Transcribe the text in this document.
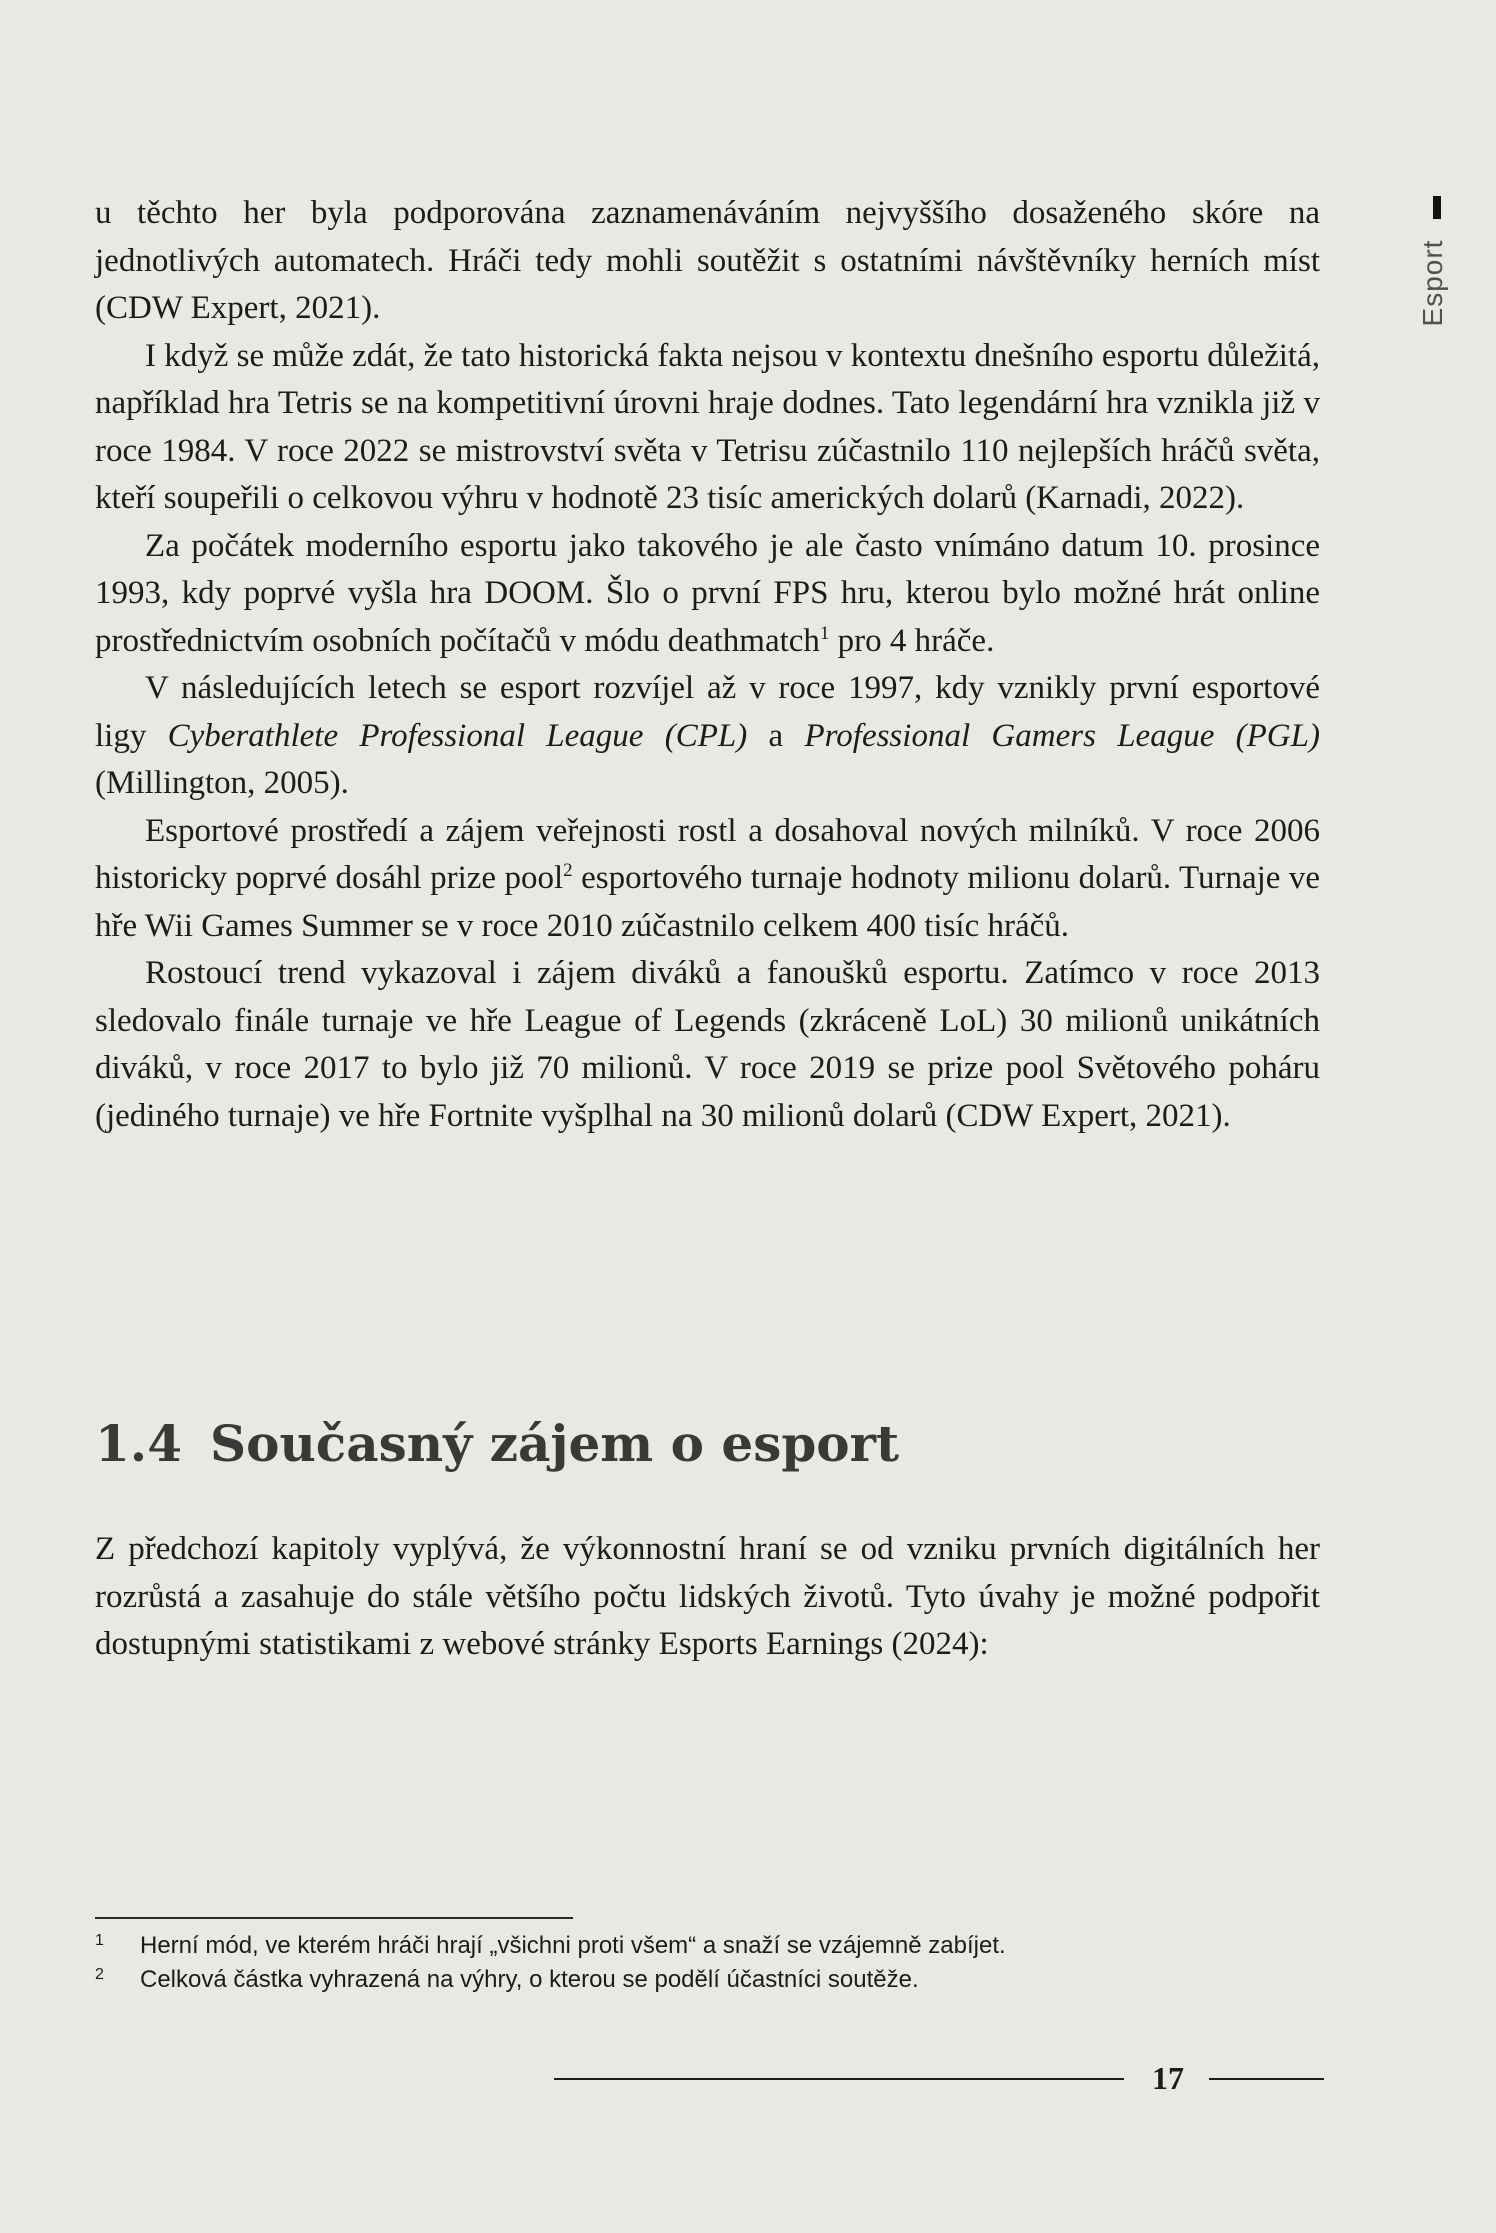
Esport

u těchto her byla podporována zaznamenáváním nejvyššího dosaženého skóre na jednotlivých automatech. Hráči tedy mohli soutěžit s ostatními návštěvníky herních míst (CDW Expert, 2021).

I když se může zdát, že tato historická fakta nejsou v kontextu dnešního esportu důležitá, například hra Tetris se na kompetitivní úrovni hraje dodnes. Tato legendární hra vznikla již v roce 1984. V roce 2022 se mistrovství světa v Tetrisu zúčastnilo 110 nejlepších hráčů světa, kteří soupeřili o celkovou výhru v hodnotě 23 tisíc amerických dolarů (Karnadi, 2022).

Za počátek moderního esportu jako takového je ale často vnímáno datum 10. prosince 1993, kdy poprvé vyšla hra DOOM. Šlo o první FPS hru, kterou bylo možné hrát online prostřednictvím osobních počítačů v módu deathmatch$^1$ pro 4 hráče.

V následujících letech se esport rozvíjel až v roce 1997, kdy vznikly první esportové ligy Cyberathlete Professional League (CPL) a Professional Gamers League (PGL) (Millington, 2005).

Esportové prostředí a zájem veřejnosti rostl a dosahoval nových milníků. V roce 2006 historicky poprvé dosáhl prize pool$^2$ esportového turnaje hodnoty milionu dolarů. Turnaje ve hře Wii Games Summer se v roce 2010 zúčastnilo celkem 400 tisíc hráčů.

Rostoucí trend vykazoval i zájem diváků a fanoušků esportu. Zatímco v roce 2013 sledovalo finále turnaje ve hře League of Legends (zkráceně LoL) 30 milionů unikátních diváků, v roce 2017 to bylo již 70 milionů. V roce 2019 se prize pool Světového poháru (jediného turnaje) ve hře Fortnite vyšplhal na 30 milionů dolarů (CDW Expert, 2021).

1.4 Současný zájem o esport

Z předchozí kapitoly vyplývá, že výkonnostní hraní se od vzniku prvních digitálních her rozrůstá a zasahuje do stále většího počtu lidských životů. Tyto úvahy je možné podpořit dostupnými statistikami z webové stránky Esports Earnings (2024):

1	Herní mód, ve kterém hráči hrají „všichni proti všem“ a snaží se vzájemně zabíjet.
2	Celková částka vyhrazená na výhry, o kterou se podělí účastníci soutěže.
17
